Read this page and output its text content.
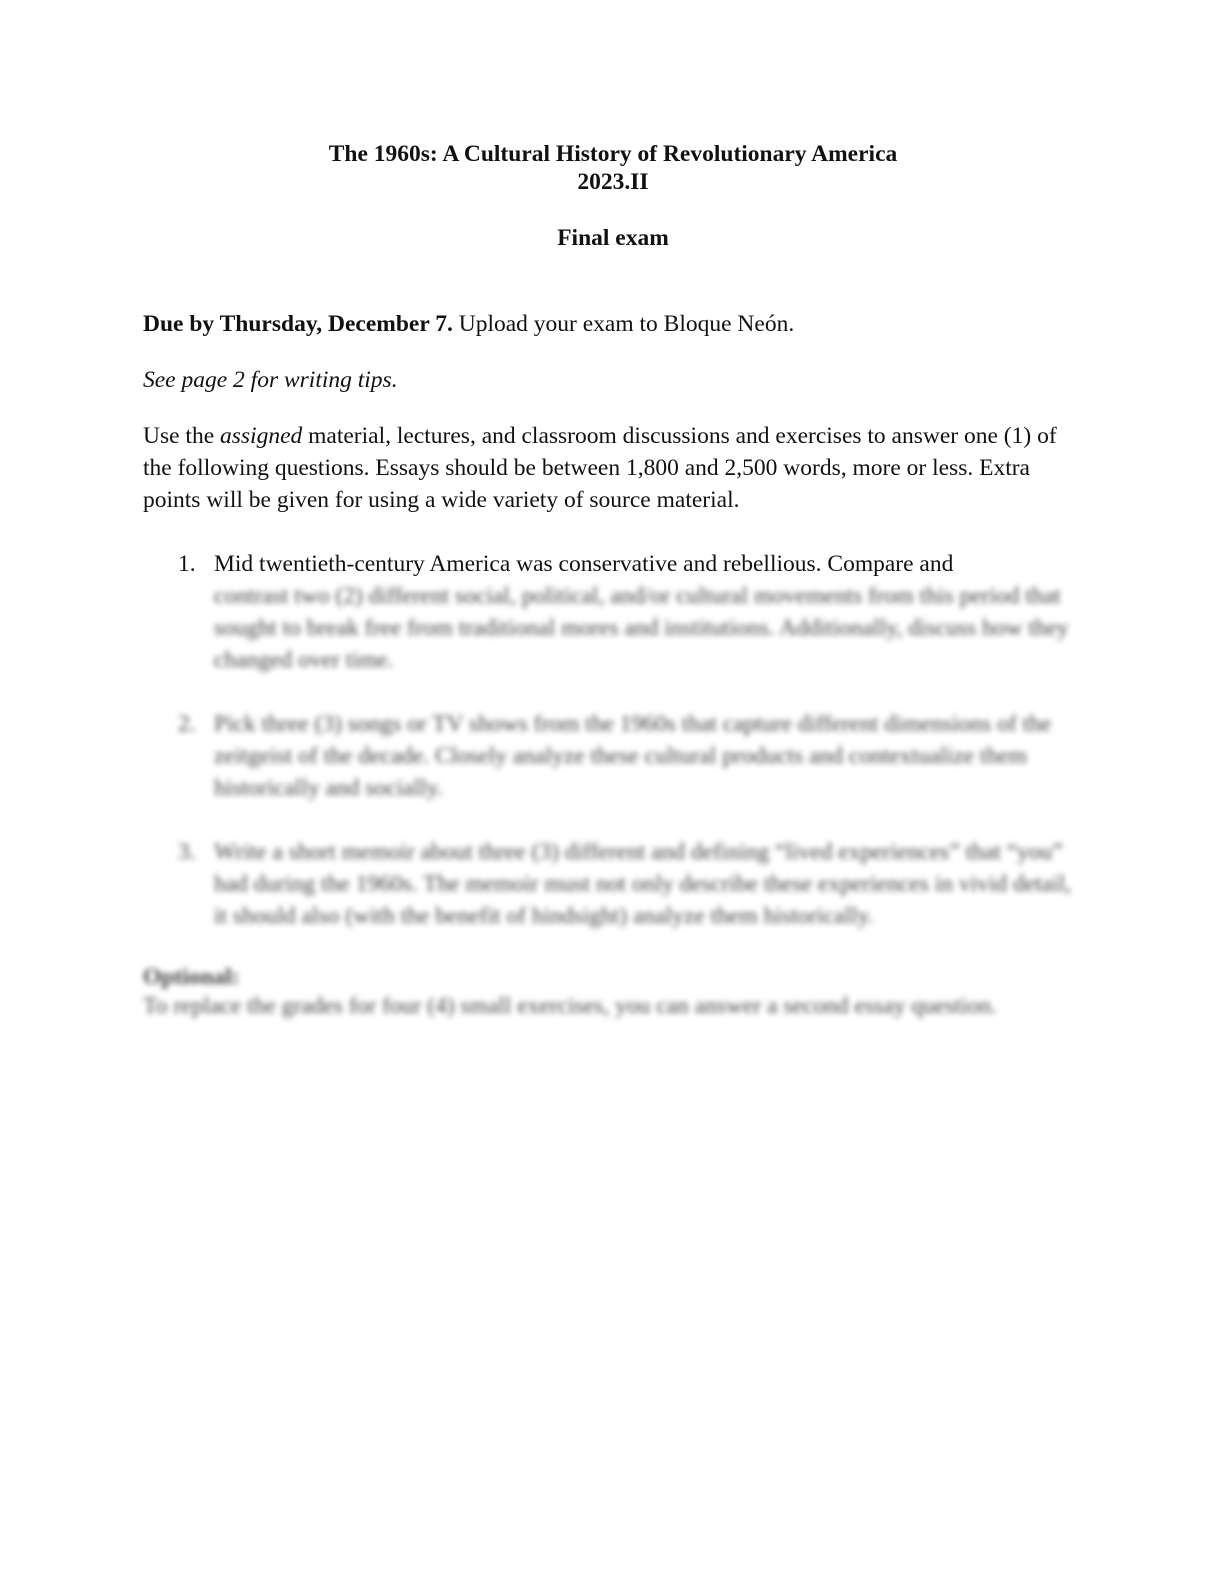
The 1960s: A Cultural History of Revolutionary America
2023.II
Final exam

Due by Thursday, December 7. Upload your exam to Bloque Neón.

See page 2 for writing tips.

Use the assigned material, lectures, and classroom discussions and exercises to answer one (1) of the following questions. Essays should be between 1,800 and 2,500 words, more or less. Extra points will be given for using a wide variety of source material.

1. Mid twentieth-century America was conservative and rebellious. Compare and
contrast two (2) different social, political, and/or cultural movements from this period that sought to break free from traditional mores and institutions. Additionally, discuss how they changed over time.
2. Pick three (3) songs or TV shows from the 1960s that capture different dimensions of the zeitgeist of the decade. Closely analyze these cultural products and contextualize them historically and socially.
3. Write a short memoir about three (3) different and defining “lived experiences” that “you” had during the 1960s. The memoir must not only describe these experiences in vivid detail, it should also (with the benefit of hindsight) analyze them historically.
Optional:
To replace the grades for four (4) small exercises, you can answer a second essay question.
